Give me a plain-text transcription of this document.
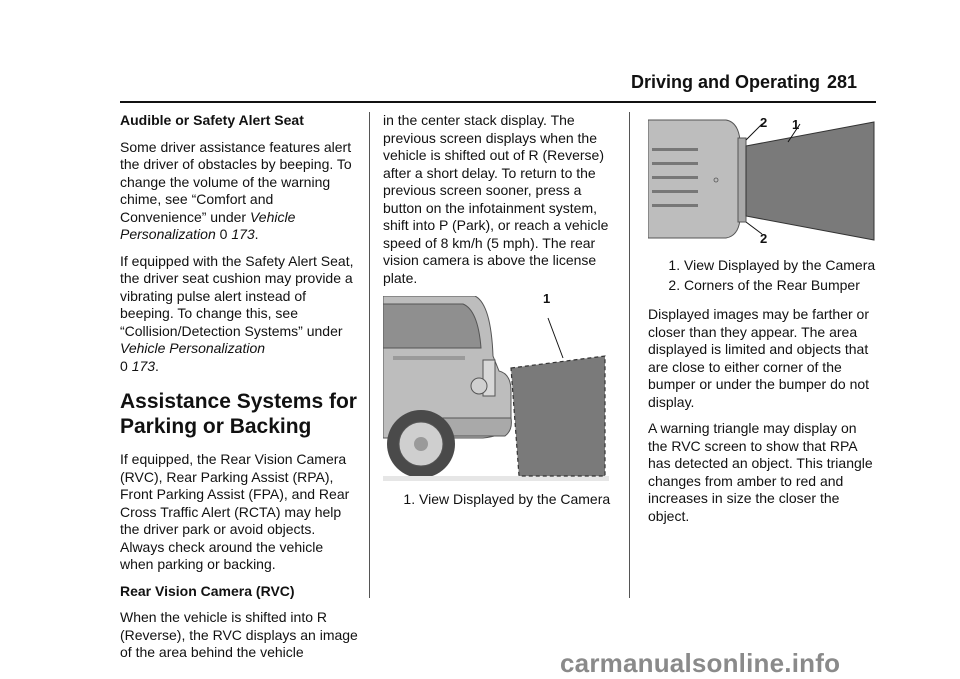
Driving and Operating 281

Audible or Safety Alert Seat

Some driver assistance features alert the driver of obstacles by beeping. To change the volume of the warning chime, see “Comfort and Convenience” under Vehicle Personalization 0 173.

If equipped with the Safety Alert Seat, the driver seat cushion may provide a vibrating pulse alert instead of beeping. To change this, see “Collision/Detection Systems” under Vehicle Personalization
0 173.

Assistance Systems for Parking or Backing

If equipped, the Rear Vision Camera (RVC), Rear Parking Assist (RPA), Front Parking Assist (FPA), and Rear Cross Traffic Alert (RCTA) may help the driver park or avoid objects. Always check around the vehicle when parking or backing.

Rear Vision Camera (RVC)

When the vehicle is shifted into R (Reverse), the RVC displays an image of the area behind the vehicle

in the center stack display. The previous screen displays when the vehicle is shifted out of R (Reverse) after a short delay. To return to the previous screen sooner, press a button on the infotainment system, shift into P (Park), or reach a vehicle speed of 8 km/h (5 mph). The rear vision camera is above the license plate.

1
1. View Displayed by the Camera
2 1
2
1. View Displayed by the Camera
2. Corners of the Rear Bumper

Displayed images may be farther or closer than they appear. The area displayed is limited and objects that are close to either corner of the bumper or under the bumper do not display.

A warning triangle may display on the RVC screen to show that RPA has detected an object. This triangle changes from amber to red and increases in size the closer the object.

carmanualsonline.info
